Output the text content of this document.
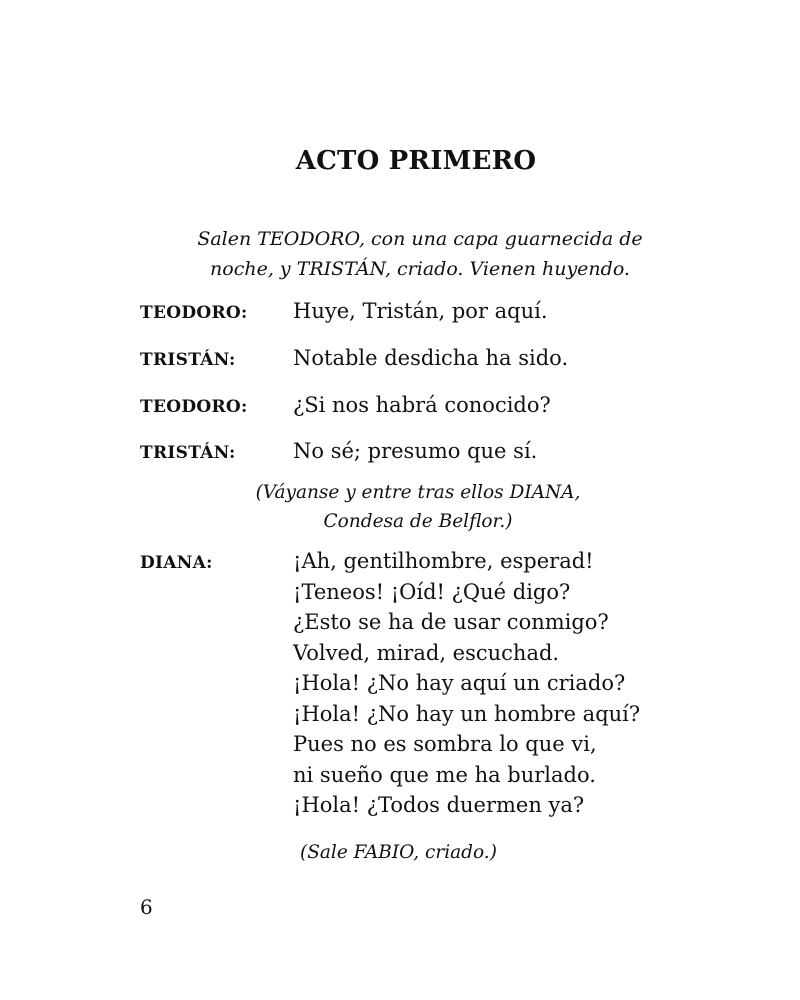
ACTO PRIMERO
Salen TEODORO, con una capa guarnecida de
noche, y TRISTÁN, criado. Vienen huyendo.
TEODORO: Huye, Tristán, por aquí.
TRISTÁN:	Notable desdicha ha sido.
TEODORO: ¿Si nos habrá conocido?
TRISTÁN:	No sé; presumo que sí.
(Váyanse y entre tras ellos DIANA,
Condesa de Belflor.)
DIANA:	¡Ah, gentilhombre, esperad!
¡Teneos! ¡Oíd! ¿Qué digo?
¿Esto se ha de usar conmigo?
Volved, mirad, escuchad.
¡Hola! ¿No hay aquí un criado?
¡Hola! ¿No hay un hombre aquí?
Pues no es sombra lo que vi,
ni sueño que me ha burlado.
¡Hola! ¿Todos duermen ya?
(Sale FABIO, criado.)
6
